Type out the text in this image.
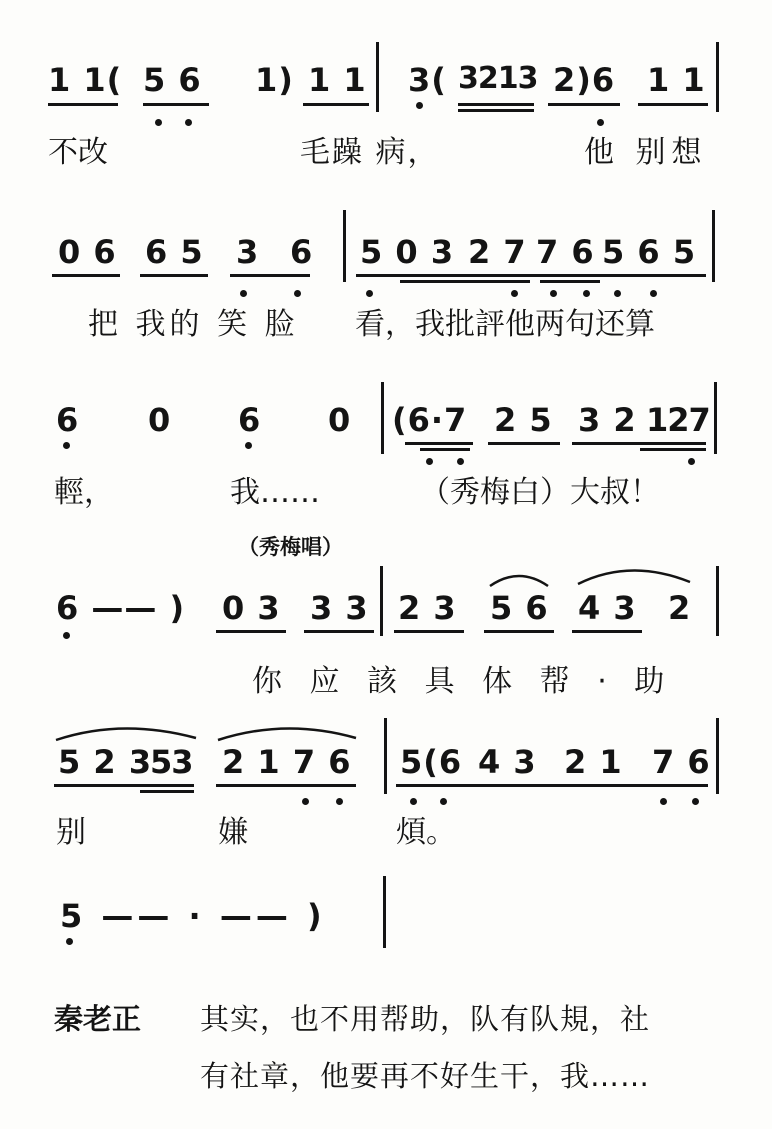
1 1( 5 6 1) 1 1 3( 3213 2)6 1 1
不改	毛躁 病，	他 别想
0 6 6 5 3 6 5 0 3 2 7 7 6 5 6 5
把 我的 笑 脸 看，我批評他两句还算
6 0 6 0 (6·7 2 5 3 2 127
輕，	我……	（秀梅白）大叔！
（秀梅唱）
6 —— ) 0 3 3 3 2 3 5 6 4 3 2
你 应 該 具 体 帮 · 助
5 2 3
53 2 1 7 6 5(6 4 3 2 1 7 6
别	嫌	煩。
5 —— · —— )
秦老正 其实，也不用帮助，队有队規，社
有社章，他要再不好生干，我……
